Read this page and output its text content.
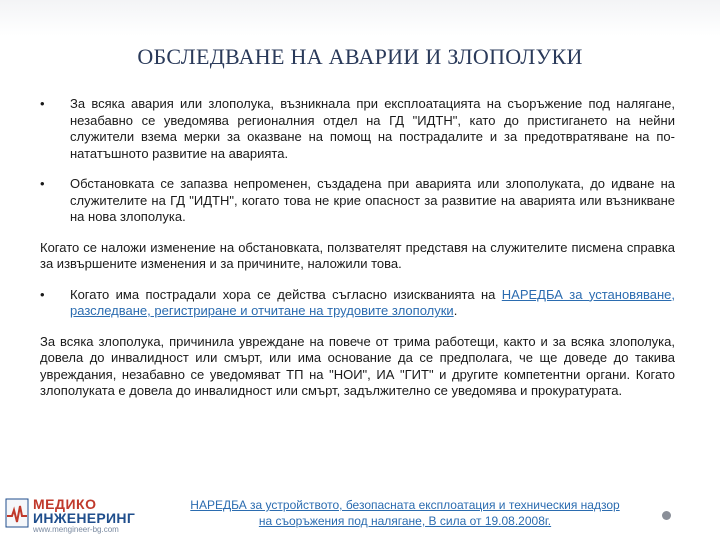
ОБСЛЕДВАНЕ НА АВАРИИ И ЗЛОПОЛУКИ
•	За всяка авария или злополука, възникнала при експлоатацията на съоръжение под налягане, незабавно се уведомява регионалния отдел на ГД "ИДТН", като до пристигането на нейни служители взема мерки за оказване на помощ на пострадалите и за предотвратяване на по-нататъшното развитие на аварията.
•	Обстановката се запазва непроменен, създадена при аварията или злополуката, до идване на служителите на ГД "ИДТН", когато това не крие опасност за развитие на аварията или възникване на нова злополука.

Когато се наложи изменение на обстановката, ползвателят представя на служителите писмена справка за извършените изменения и за причините, наложили това.

•	Когато има пострадали хора се действа съгласно изискванията на НАРЕДБА за установяване, разследване, регистриране и отчитане на трудовите злополуки.

За всяка злополука, причинила увреждане на повече от трима работещи, както и за всяка злополука, довела до инвалидност или смърт, или има основание да се предполага, че ще доведе до такива увреждания, незабавно се уведомяват ТП на "НОИ", ИА "ГИТ" и другите компетентни органи. Когато злополуката е довела до инвалидност или смърт, задължително се уведомява и прокуратурата.

МЕДИКО
ИНЖЕНЕРИНГ
www.mengineer-bg.com
НАРЕДБА за устройството, безопасната експлоатация и техническия надзор
на съоръжения под налягане, В сила от 19.08.2008г.
